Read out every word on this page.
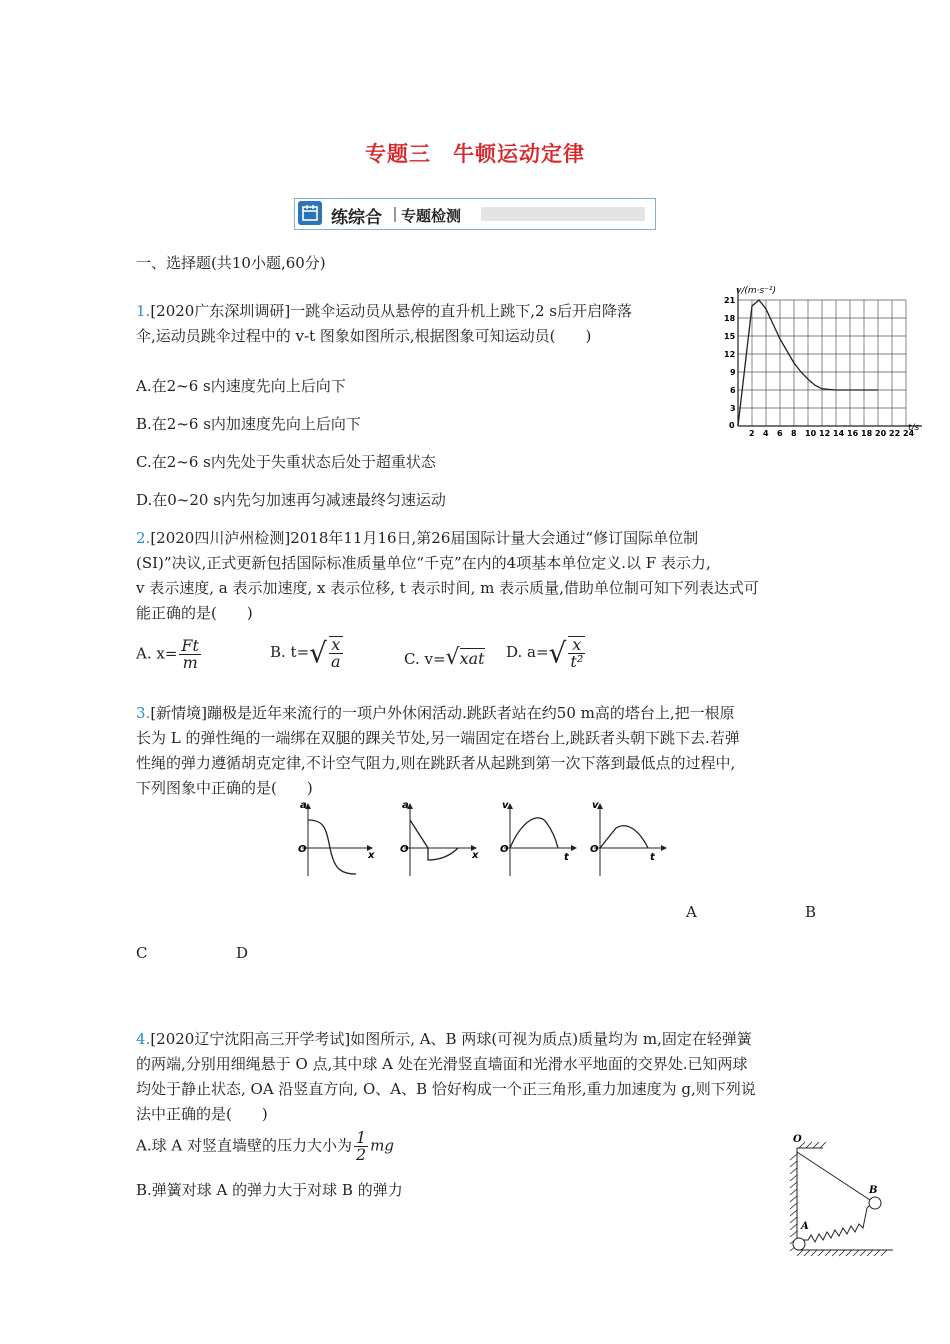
专题三　牛顿运动定律
练综合 专题检测
一、选择题(共10小题,60分)
1.[2020广东深圳调研]一跳伞运动员从悬停的直升机上跳下,2 s后开启降落
伞,运动员跳伞过程中的 v-t 图象如图所示,根据图象可知运动员(　　)
A.在2~6 s内速度先向上后向下
B.在2~6 s内加速度先向上后向下
C.在2~6 s内先处于失重状态后处于超重状态
D.在0~20 s内先匀加速再匀减速最终匀速运动
0
2 4 6 8 10 12 14 16 18 20 22 24
3
6
9
12
15
18
21
v/(m·s⁻¹)
t/s
2.[2020四川泸州检测]2018年11月16日,第26届国际计量大会通过“修订国际单位制
(SI)”决议,正式更新包括国际标准质量单位“千克”在内的4项基本单位定义.以 F 表示力,
v 表示速度, a 表示加速度, x 表示位移, t 表示时间, m 表示质量,借助单位制可知下列表达式可
能正确的是(　　)
A. $x= \frac{Ft}{m}$	B. $t=√ \frac{x}{a}$	C. v=√xat D. $a=√ \frac{x}{\text{t²}}$
3.[新情境]蹦极是近年来流行的一项户外休闲活动.跳跃者站在约50 m高的塔台上,把一根原
长为 L 的弹性绳的一端绑在双腿的踝关节处,另一端固定在塔台上,跳跃者头朝下跳下去.若弹
性绳的弹力遵循胡克定律,不计空气阻力,则在跳跃者从起跳到第一次下落到最低点的过程中,
下列图象中正确的是(　　)
a
O
x
a
O
x
v
O
t
v
O
t
A	B
C	D
4.[2020辽宁沈阳高三开学考试]如图所示, A、B 两球(可视为质点)质量均为 m,固定在轻弹簧
的两端,分别用细绳悬于 O 点,其中球 A 处在光滑竖直墙面和光滑水平地面的交界处.已知两球
均处于静止状态, OA 沿竖直方向, O、A、B 恰好构成一个正三角形,重力加速度为 g,则下列说
法中正确的是(　　)
A.球 A 对竖直墙壁的压力大小为 $\frac{1}{2}$ mg
B.弹簧对球 A 的弹力大于对球 B 的弹力
O
A
B
